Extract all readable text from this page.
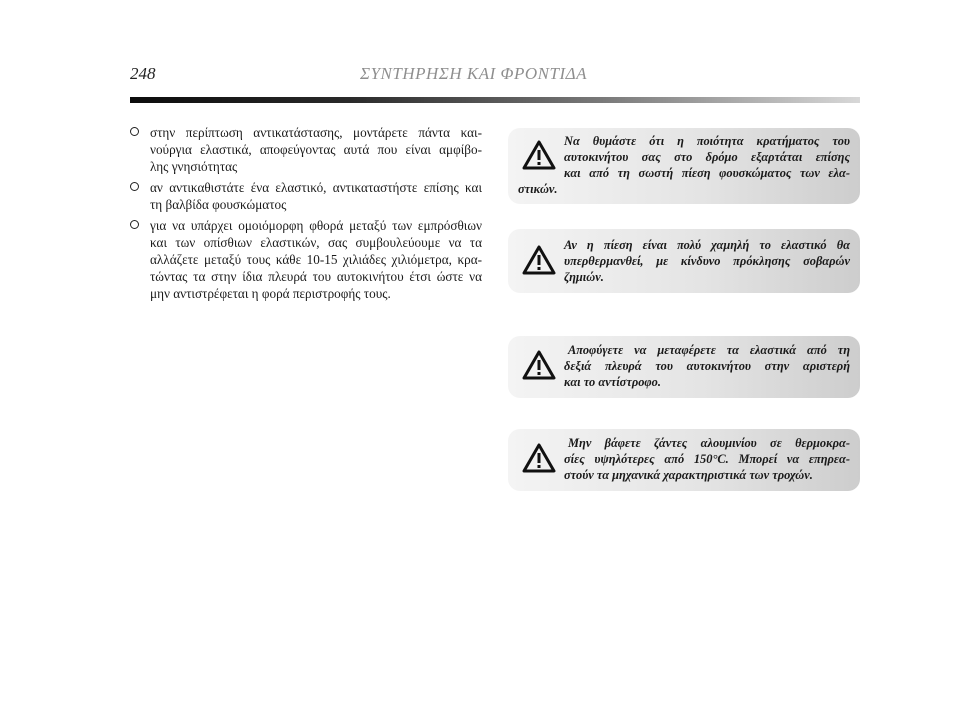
248	ΣΥΝΤΗΡΗΣΗ ΚΑΙ ΦΡΟΝΤΙΔΑ
στην περίπτωση αντικατάστασης, μοντάρετε πάντα και-
νούργια ελαστικά, αποφεύγοντας αυτά που είναι αμφίβο-
λης γνησιότητας
αν αντικαθιστάτε ένα ελαστικό, αντικαταστήστε επίσης και
τη βαλβίδα φουσκώματος
για να υπάρχει ομοιόμορφη φθορά μεταξύ των εμπρόσθιων
και των οπίσθιων ελαστικών, σας συμβουλεύουμε να τα
αλλάζετε μεταξύ τους κάθε 10-15 χιλιάδες χιλιόμετρα, κρα-
τώντας τα στην ίδια πλευρά του αυτοκινήτου έτσι ώστε να
μην αντιστρέφεται η φορά περιστροφής τους.
Να θυμάστε ότι η ποιότητα κρατήματος του
αυτοκινήτου σας στο δρόμο εξαρτάται επίσης
και από τη σωστή πίεση φουσκώματος των ελα-
στικών.
Αν η πίεση είναι πολύ χαμηλή το ελαστικό θα
υπερθερμανθεί, με κίνδυνο πρόκλησης σοβαρών
ζημιών.
Αποφύγετε να μεταφέρετε τα ελαστικά από τη
δεξιά πλευρά του αυτοκινήτου στην αριστερή
και το αντίστροφο.
Μην βάφετε ζάντες αλουμινίου σε θερμοκρα-
σίες υψηλότερες από 150°C. Μπορεί να επηρεα-
στούν τα μηχανικά χαρακτηριστικά των τροχών.
